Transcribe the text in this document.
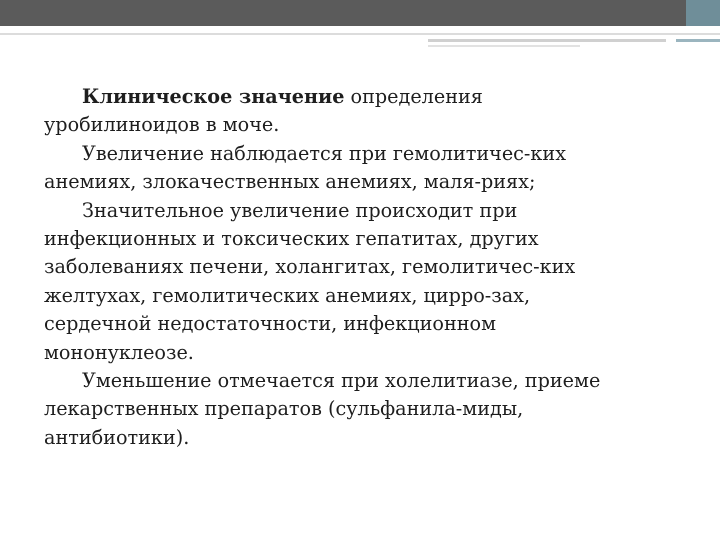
Клиническое значение определения
уробилиноидов в моче.
Увеличение наблюдается при гемолитичес-ких
анемиях, злокачественных анемиях, маля-риях;
Значительное увеличение происходит при
инфекционных и токсических гепатитах, других
заболеваниях печени, холангитах, гемолитичес-ких
желтухах, гемолитических анемиях, цирро-зах,
сердечной недостаточности, инфекционном
мононуклеозе.
Уменьшение отмечается при холелитиазе, приеме
лекарственных препаратов (сульфанила-миды,
антибиотики).
